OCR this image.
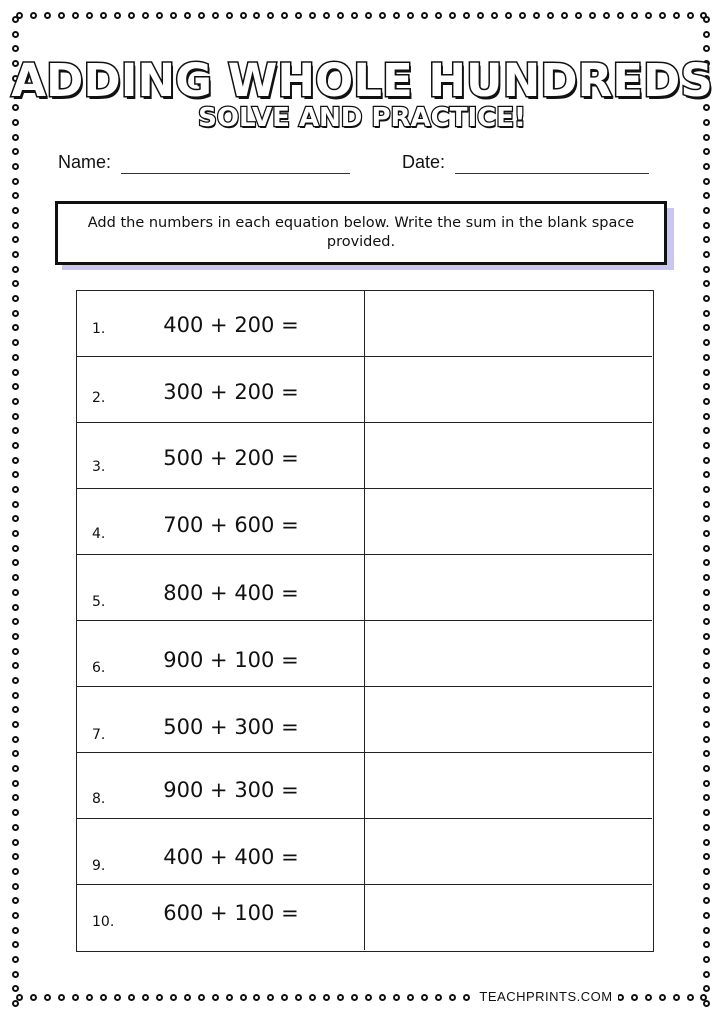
ADDING WHOLE HUNDREDS
SOLVE AND PRACTICE!
Name:	Date:
Add the numbers in each equation below. Write the sum in the blank space provided.
1.	400 + 200 =
2.	300 + 200 =
3.	500 + 200 =
4.	700 + 600 =
5.	800 + 400 =
6.	900 + 100 =
7.	500 + 300 =
8.	900 + 300 =
9.	400 + 400 =
10.	600 + 100 =
TEACHPRINTS.COM
